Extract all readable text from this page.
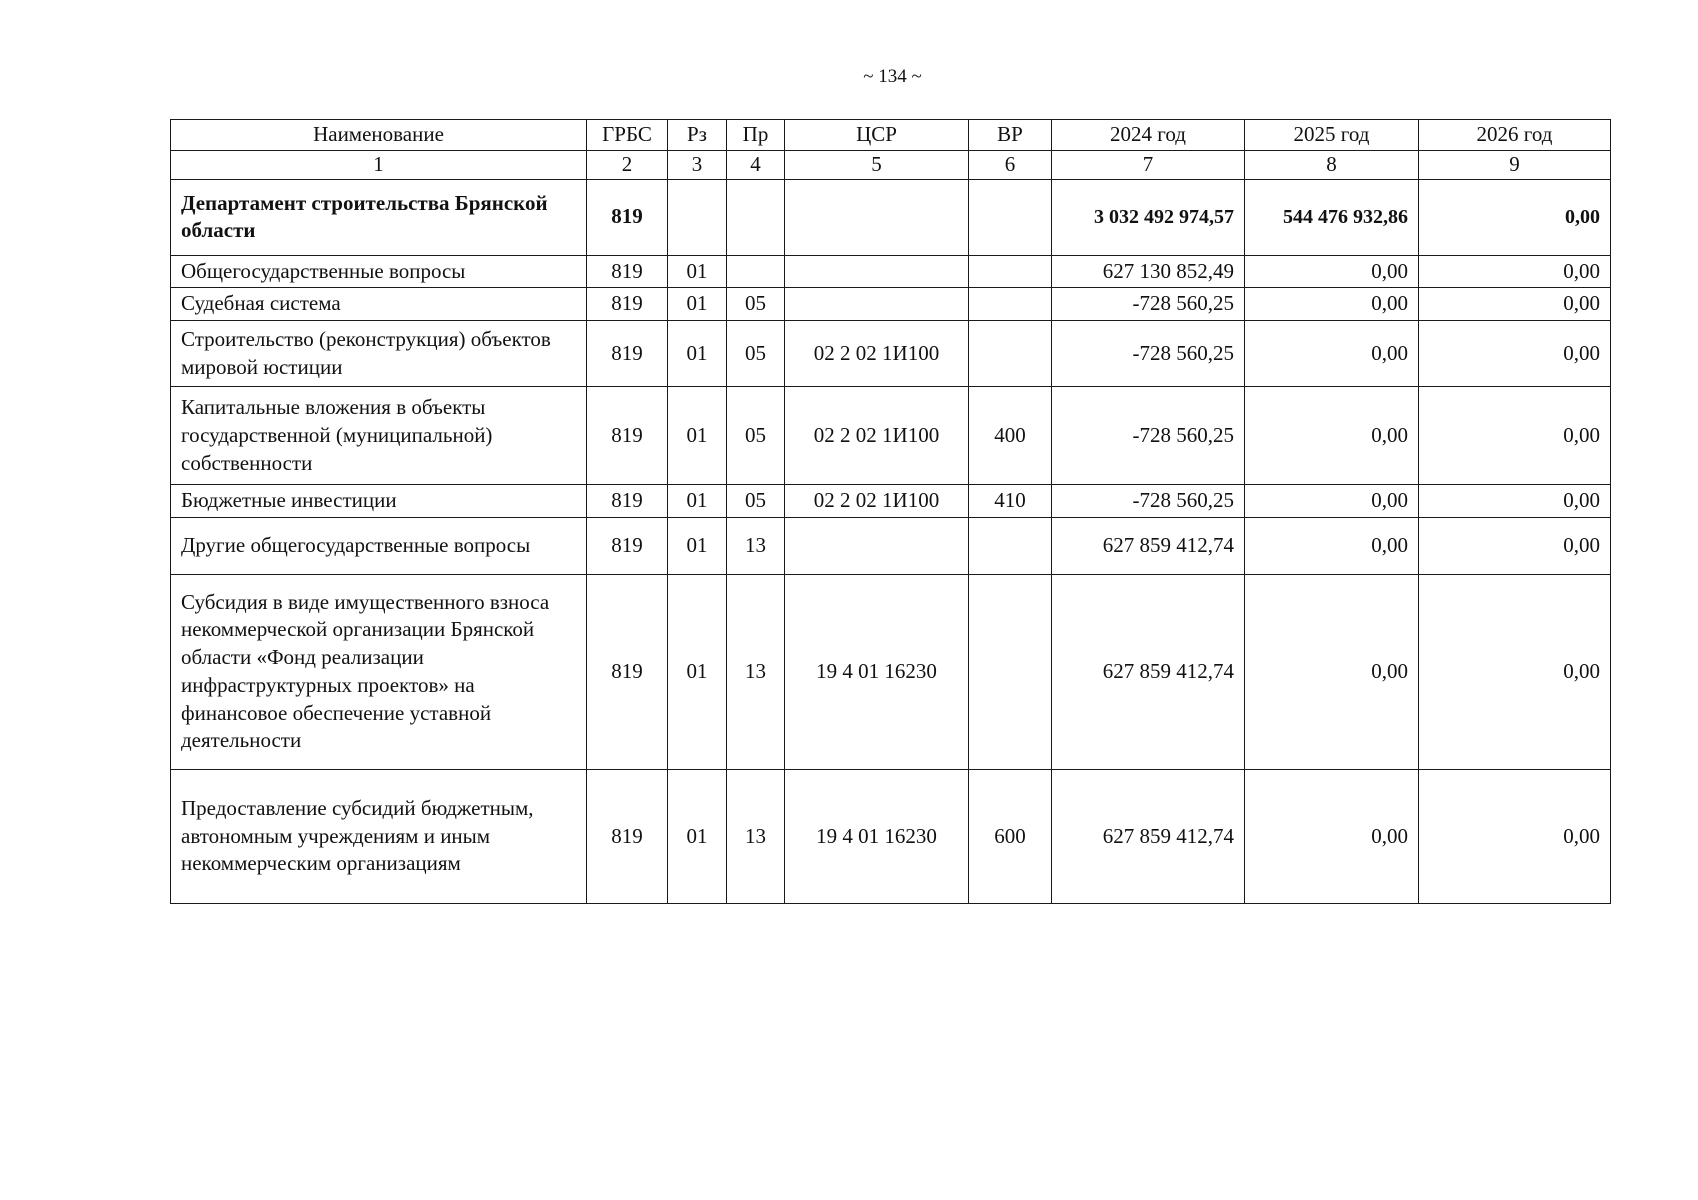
~ 134 ~
Наименование	ГРБС	Рз	Пр	ЦСР	ВР	2024 год	2025 год	2026 год
1	2	3	4	5	6	7	8	9
Департамент строительства Брянской области	819					3 032 492 974,57	544 476 932,86	0,00
Общегосударственные вопросы	819	01				627 130 852,49	0,00	0,00
Судебная система	819	01	05			-728 560,25	0,00	0,00
Строительство (реконструкция) объектов мировой юстиции	819	01	05	02 2 02 1И100		-728 560,25	0,00	0,00
Капитальные вложения в объекты государственной (муниципальной) собственности	819	01	05	02 2 02 1И100	400	-728 560,25	0,00	0,00
Бюджетные инвестиции	819	01	05	02 2 02 1И100	410	-728 560,25	0,00	0,00
Другие общегосударственные вопросы	819	01	13			627 859 412,74	0,00	0,00
Субсидия в виде имущественного взноса некоммерческой организации Брянской области «Фонд реализации инфраструктурных проектов» на финансовое обеспечение уставной деятельности	819	01	13	19 4 01 16230		627 859 412,74	0,00	0,00
Предоставление субсидий бюджетным, автономным учреждениям и иным некоммерческим организациям	819	01	13	19 4 01 16230	600	627 859 412,74	0,00	0,00
